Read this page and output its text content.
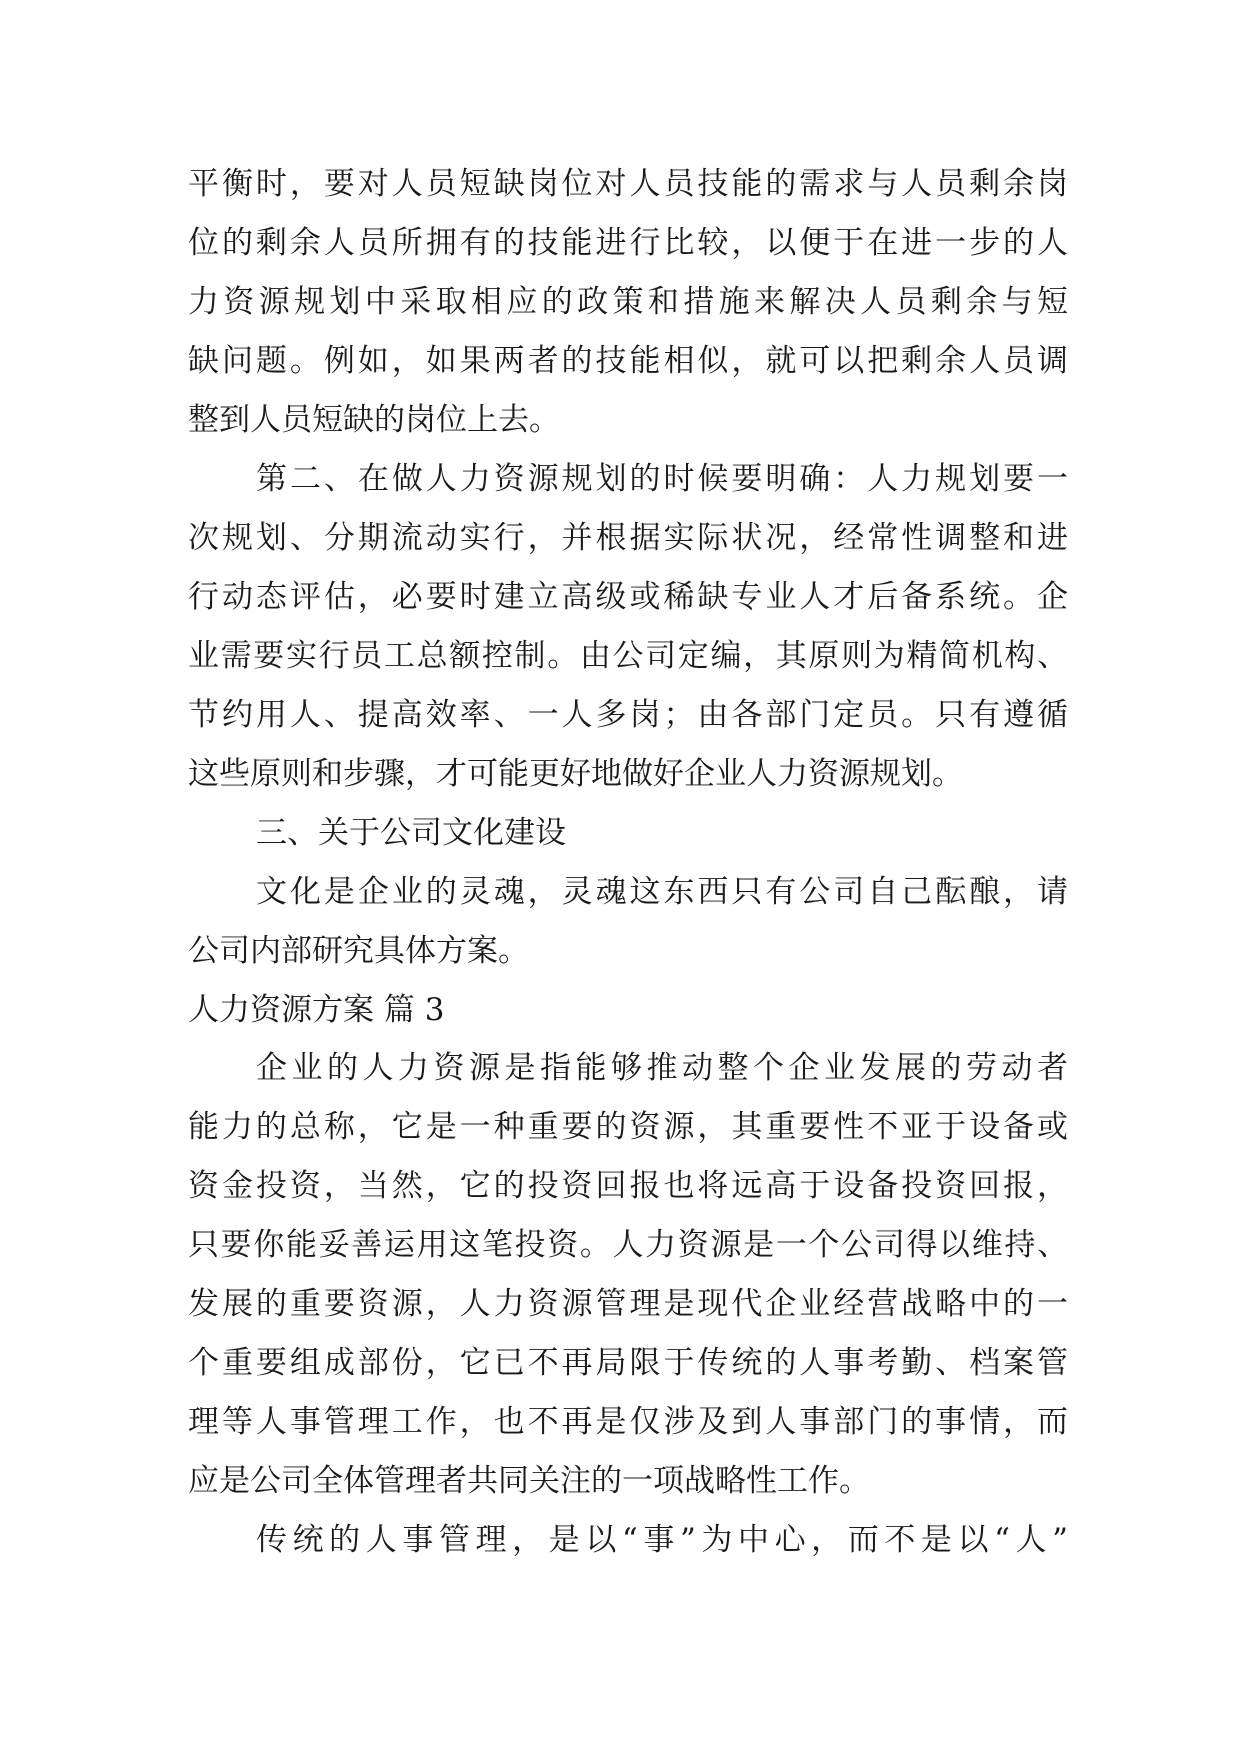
平衡时，要对人员短缺岗位对人员技能的需求与人员剩余岗
位的剩余人员所拥有的技能进行比较，以便于在进一步的人
力资源规划中采取相应的政策和措施来解决人员剩余与短
缺问题。例如，如果两者的技能相似，就可以把剩余人员调
整到人员短缺的岗位上去。
第二、在做人力资源规划的时候要明确：人力规划要一
次规划、分期流动实行，并根据实际状况，经常性调整和进
行动态评估，必要时建立高级或稀缺专业人才后备系统。企
业需要实行员工总额控制。由公司定编，其原则为精简机构、
节约用人、提高效率、一人多岗；由各部门定员。只有遵循
这些原则和步骤，才可能更好地做好企业人力资源规划。
三、关于公司文化建设
文化是企业的灵魂，灵魂这东西只有公司自己酝酿，请
公司内部研究具体方案。
人力资源方案 篇 3
企业的人力资源是指能够推动整个企业发展的劳动者
能力的总称，它是一种重要的资源，其重要性不亚于设备或
资金投资，当然，它的投资回报也将远高于设备投资回报，
只要你能妥善运用这笔投资。人力资源是一个公司得以维持、
发展的重要资源，人力资源管理是现代企业经营战略中的一
个重要组成部份，它已不再局限于传统的人事考勤、档案管
理等人事管理工作，也不再是仅涉及到人事部门的事情，而
应是公司全体管理者共同关注的一项战略性工作。
传统的人事管理，是以“事”为中心，而不是以“人”
